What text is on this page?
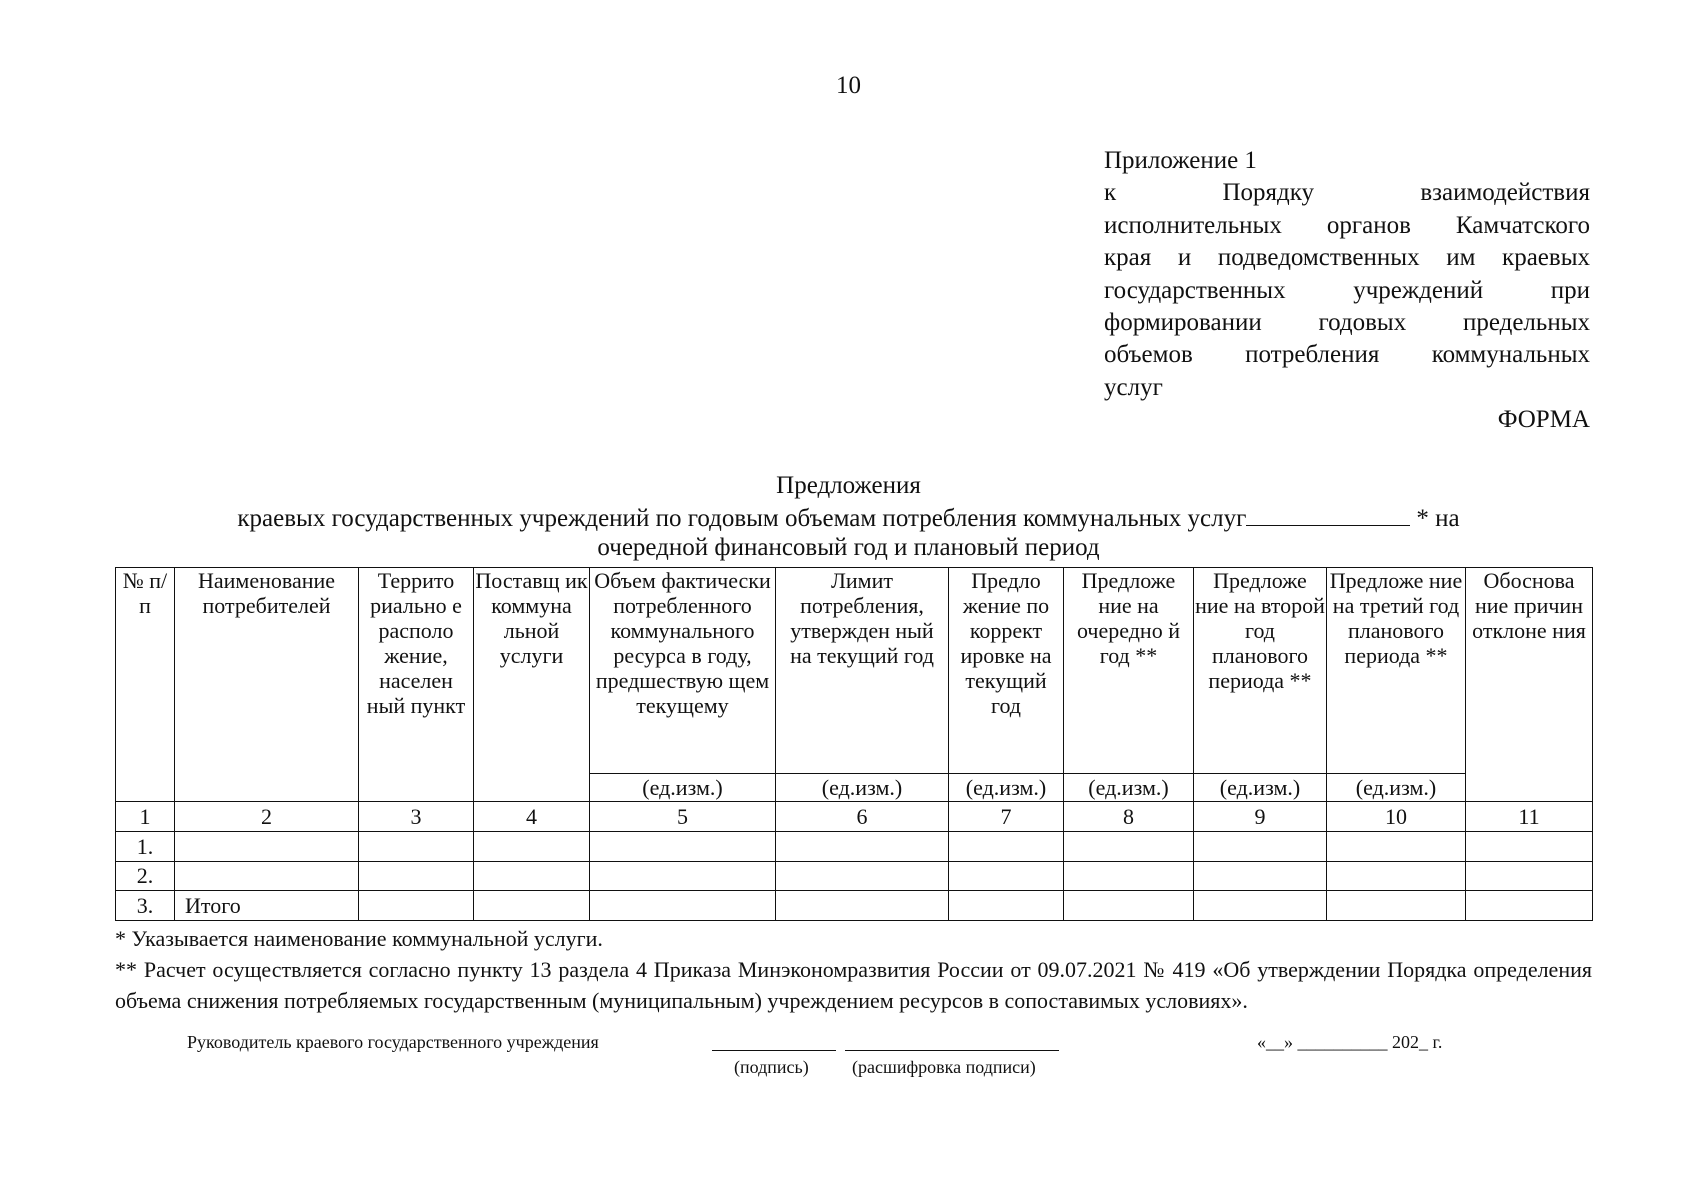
10
Приложение 1
к Порядку взаимодействия
исполнительных органов Камчатского
края и подведомственных им краевых
государственных учреждений при
формировании годовых предельных
объемов потребления коммунальных
услуг
ФОРМА
Предложения
краевых государственных учреждений по годовым объемам потребления коммунальных услуг	* на
очередной финансовый год и плановый период
№ п/п	Наименование потребителей	Террито риально е располо жение, населен ный пункт	Поставщ ик коммуна льной услуги	Объем фактически потребленного коммунального ресурса в году, предшествую щем текущему	Лимит потребления, утвержден ный на текущий год	Предло жение по коррект ировке на текущий год	Предложе ние на очередно й год **	Предложе ние на второй год планового периода **	Предложе ние на третий год планового периода **	Обоснова ние причин отклоне ния
				(ед.изм.)	(ед.изм.)	(ед.изм.)	(ед.изм.)	(ед.изм.)	(ед.изм.)	
1	2	3	4	5	6	7	8	9	10	11
1.										
2.										
3.	Итого									
* Указывается наименование коммунальной услуги.
** Расчет осуществляется согласно пункту 13 раздела 4 Приказа Минэкономразвития России от 09.07.2021 № 419 «Об утверждении Порядка определения объема снижения потребляемых государственным (муниципальным) учреждением ресурсов в сопоставимых условиях».
Руководитель краевого государственного учреждения
(подпись) (расшифровка подписи)
«__» __________ 202_ г.
